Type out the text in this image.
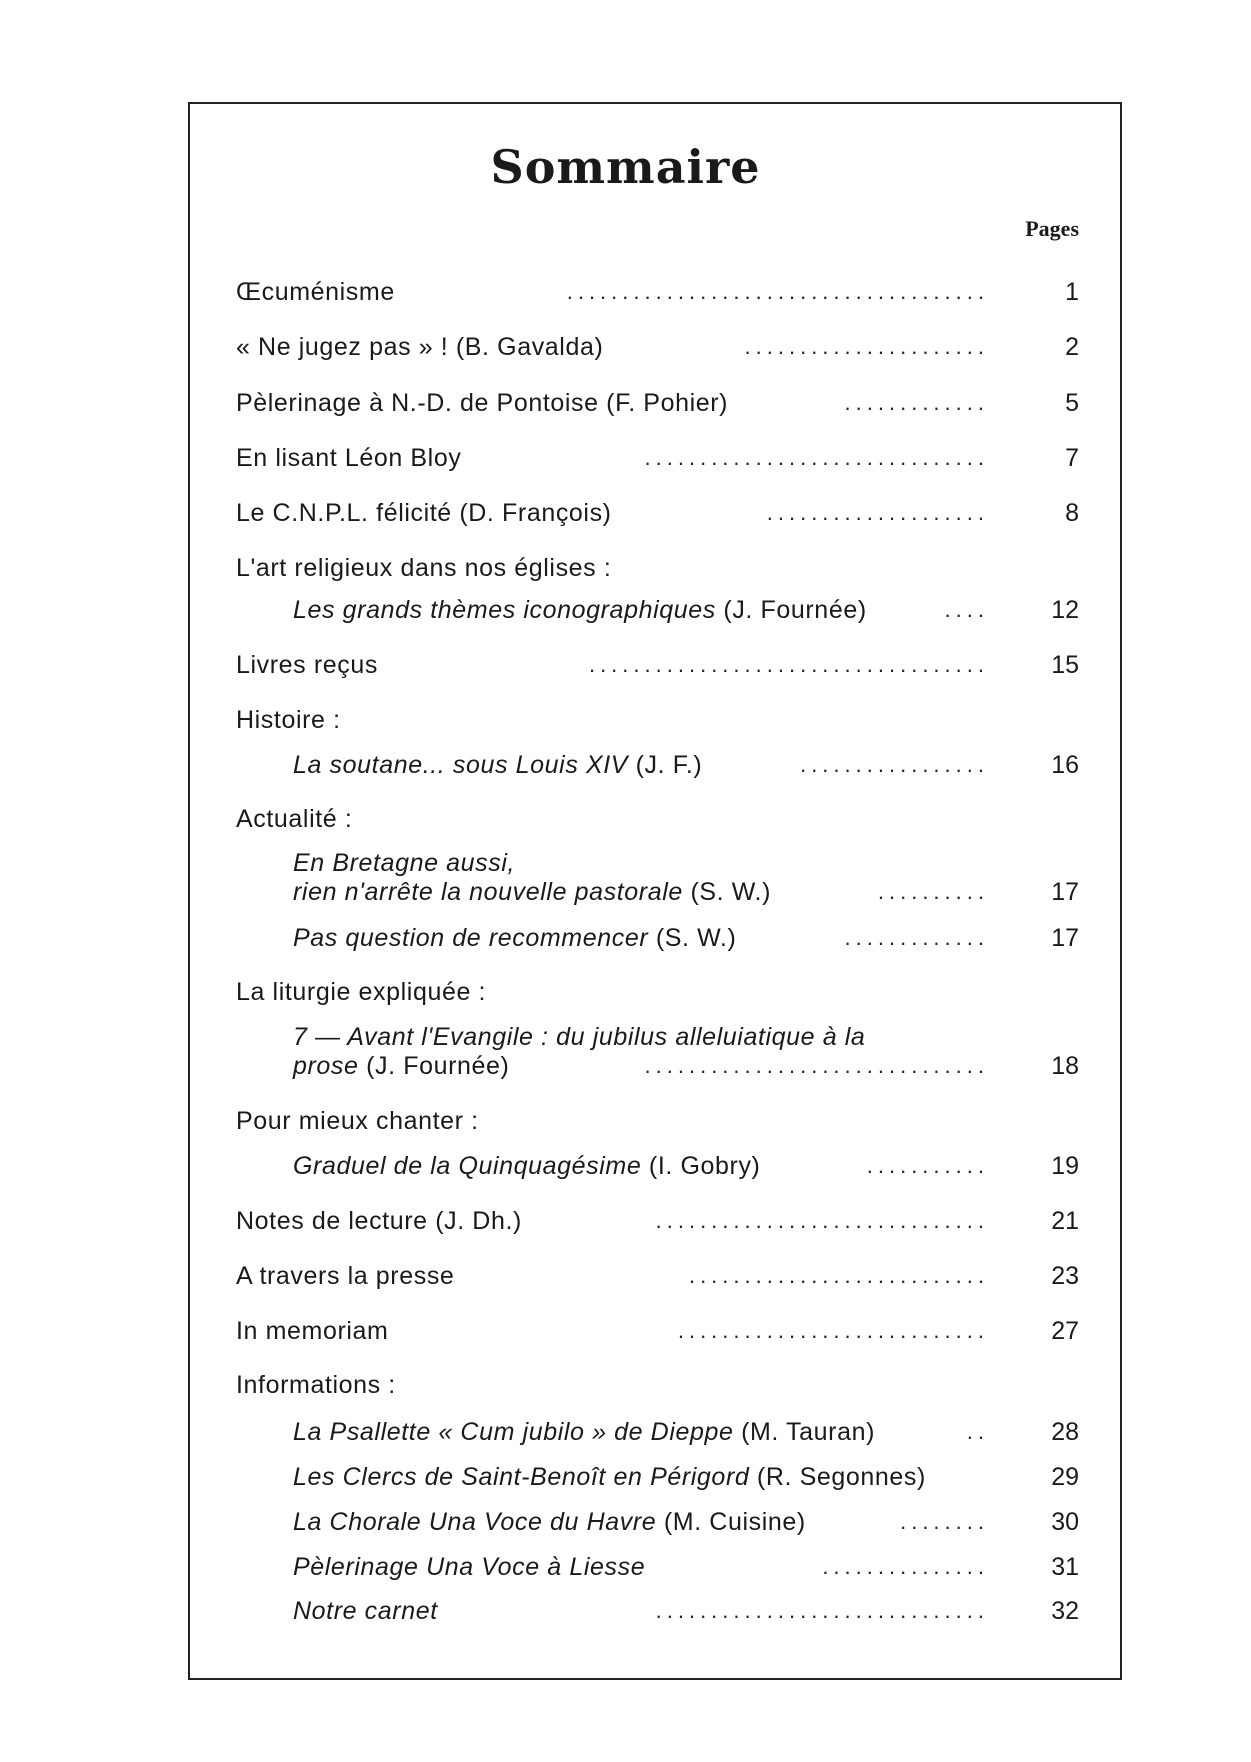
Sommaire
Pages
Œcuménisme	......................................	1
« Ne jugez pas » ! (B. Gavalda)	......................	2
Pèlerinage à N.-D. de Pontoise (F. Pohier)	.............	5
En lisant Léon Bloy	...............................	7
Le C.N.P.L. félicité (D. François)	....................	8
L'art religieux dans nos églises :
Les grands thèmes iconographiques (J. Fournée)	....	12
Livres reçus	....................................	15
Histoire :
La soutane... sous Louis XIV (J. F.)	.................	16
Actualité :
En Bretagne aussi,
rien n'arrête la nouvelle pastorale (S. W.)	..........	17
Pas question de recommencer (S. W.)	.............	17
La liturgie expliquée :
7 — Avant l'Evangile : du jubilus alleluiatique à la
prose (J. Fournée)	...............................	18
Pour mieux chanter :
Graduel de la Quinquagésime (I. Gobry)	...........	19
Notes de lecture (J. Dh.)	..............................	21
A travers la presse	...........................	23
In memoriam	............................	27
Informations :
La Psallette « Cum jubilo » de Dieppe (M. Tauran)	..	28
Les Clercs de Saint-Benoît en Périgord (R. Segonnes)	29
La Chorale Una Voce du Havre (M. Cuisine)	........	30
Pèlerinage Una Voce à Liesse	...............	31
Notre carnet	..............................	32
